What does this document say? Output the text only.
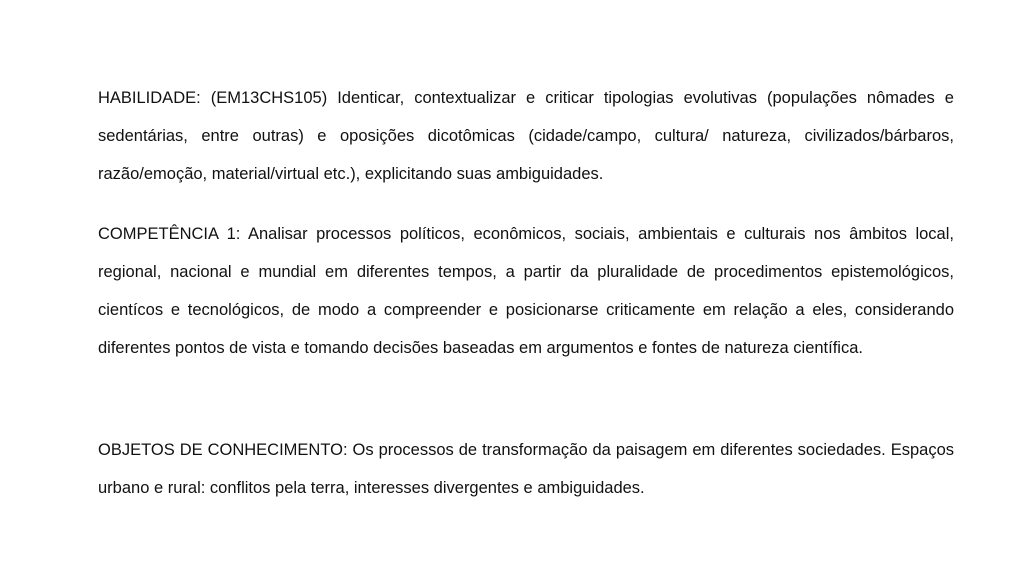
HABILIDADE: (EM13CHS105) Identicar, contextualizar e criticar tipologias evolutivas (populações nômades e sedentárias, entre outras) e oposições dicotômicas (cidade/campo, cultura/ natureza, civilizados/bárbaros, razão/emoção, material/virtual etc.), explicitando suas ambiguidades.

COMPETÊNCIA 1: Analisar processos políticos, econômicos, sociais, ambientais e culturais nos âmbitos local, regional, nacional e mundial em diferentes tempos, a partir da pluralidade de procedimentos epistemológicos, cientícos e tecnológicos, de modo a compreender e posicionarse criticamente em relação a eles, considerando diferentes pontos de vista e tomando decisões baseadas em argumentos e fontes de natureza científica.

OBJETOS DE CONHECIMENTO: Os processos de transformação da paisagem em diferentes sociedades. Espaços urbano e rural: conflitos pela terra, interesses divergentes e ambiguidades.
